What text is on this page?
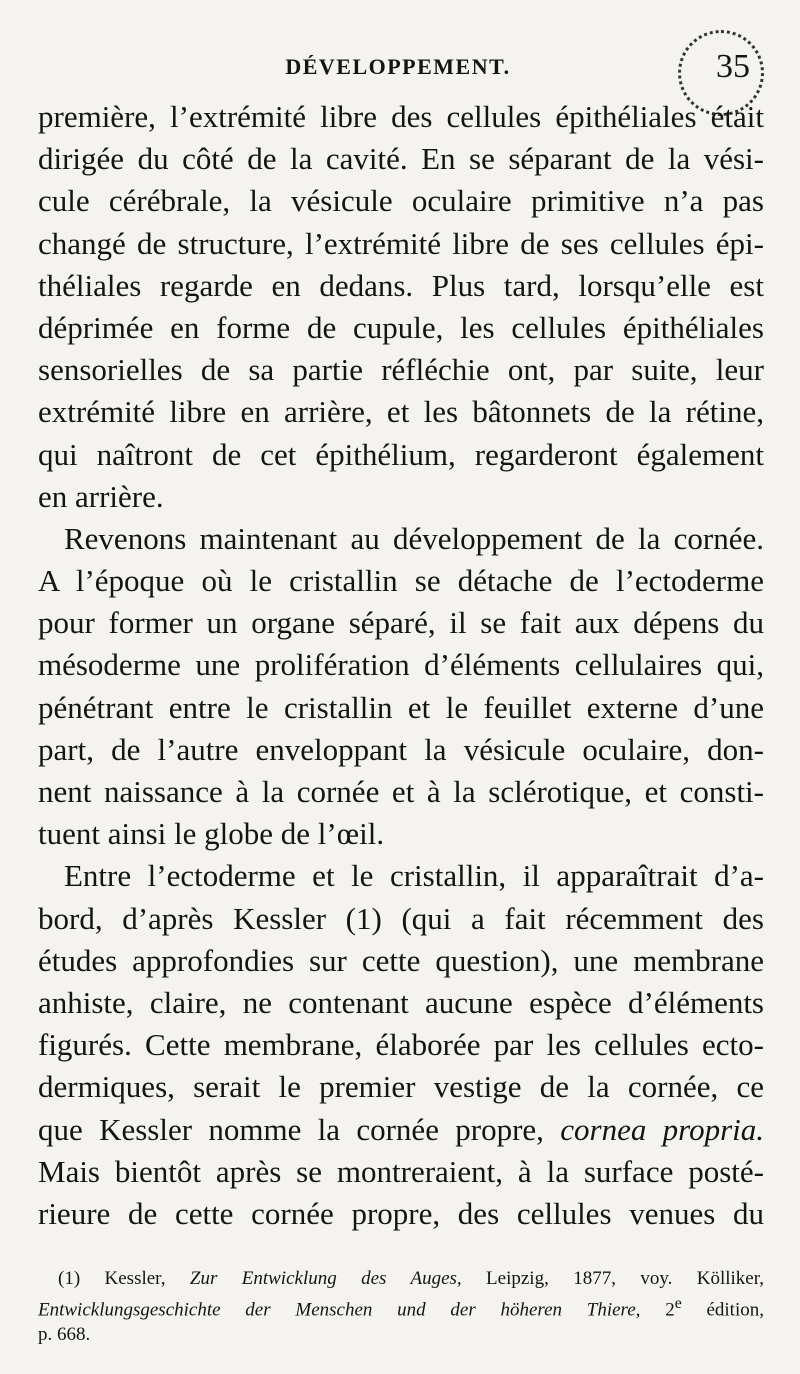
DÉVELOPPEMENT.	35
première, l’extrémité libre des cellules épithéliales était
dirigée du côté de la cavité. En se séparant de la vési-
cule cérébrale, la vésicule oculaire primitive n’a pas
changé de structure, l’extrémité libre de ses cellules épi-
théliales regarde en dedans. Plus tard, lorsqu’elle est
déprimée en forme de cupule, les cellules épithéliales
sensorielles de sa partie réfléchie ont, par suite, leur
extrémité libre en arrière, et les bâtonnets de la rétine,
qui naîtront de cet épithélium, regarderont également
en arrière.
Revenons maintenant au développement de la cornée.
A l’époque où le cristallin se détache de l’ectoderme
pour former un organe séparé, il se fait aux dépens du
mésoderme une prolifération d’éléments cellulaires qui,
pénétrant entre le cristallin et le feuillet externe d’une
part, de l’autre enveloppant la vésicule oculaire, don-
nent naissance à la cornée et à la sclérotique, et consti-
tuent ainsi le globe de l’œil.
Entre l’ectoderme et le cristallin, il apparaîtrait d’a-
bord, d’après Kessler (1) (qui a fait récemment des
études approfondies sur cette question), une membrane
anhiste, claire, ne contenant aucune espèce d’éléments
figurés. Cette membrane, élaborée par les cellules ecto-
dermiques, serait le premier vestige de la cornée, ce
que Kessler nomme la cornée propre, cornea propria.
Mais bientôt après se montreraient, à la surface posté-
rieure de cette cornée propre, des cellules venues du
(1) Kessler, Zur Entwicklung des Auges, Leipzig, 1877, voy. Kölliker,
Entwicklungsgeschichte der Menschen und der höheren Thiere, 2e édition,
p. 668.
